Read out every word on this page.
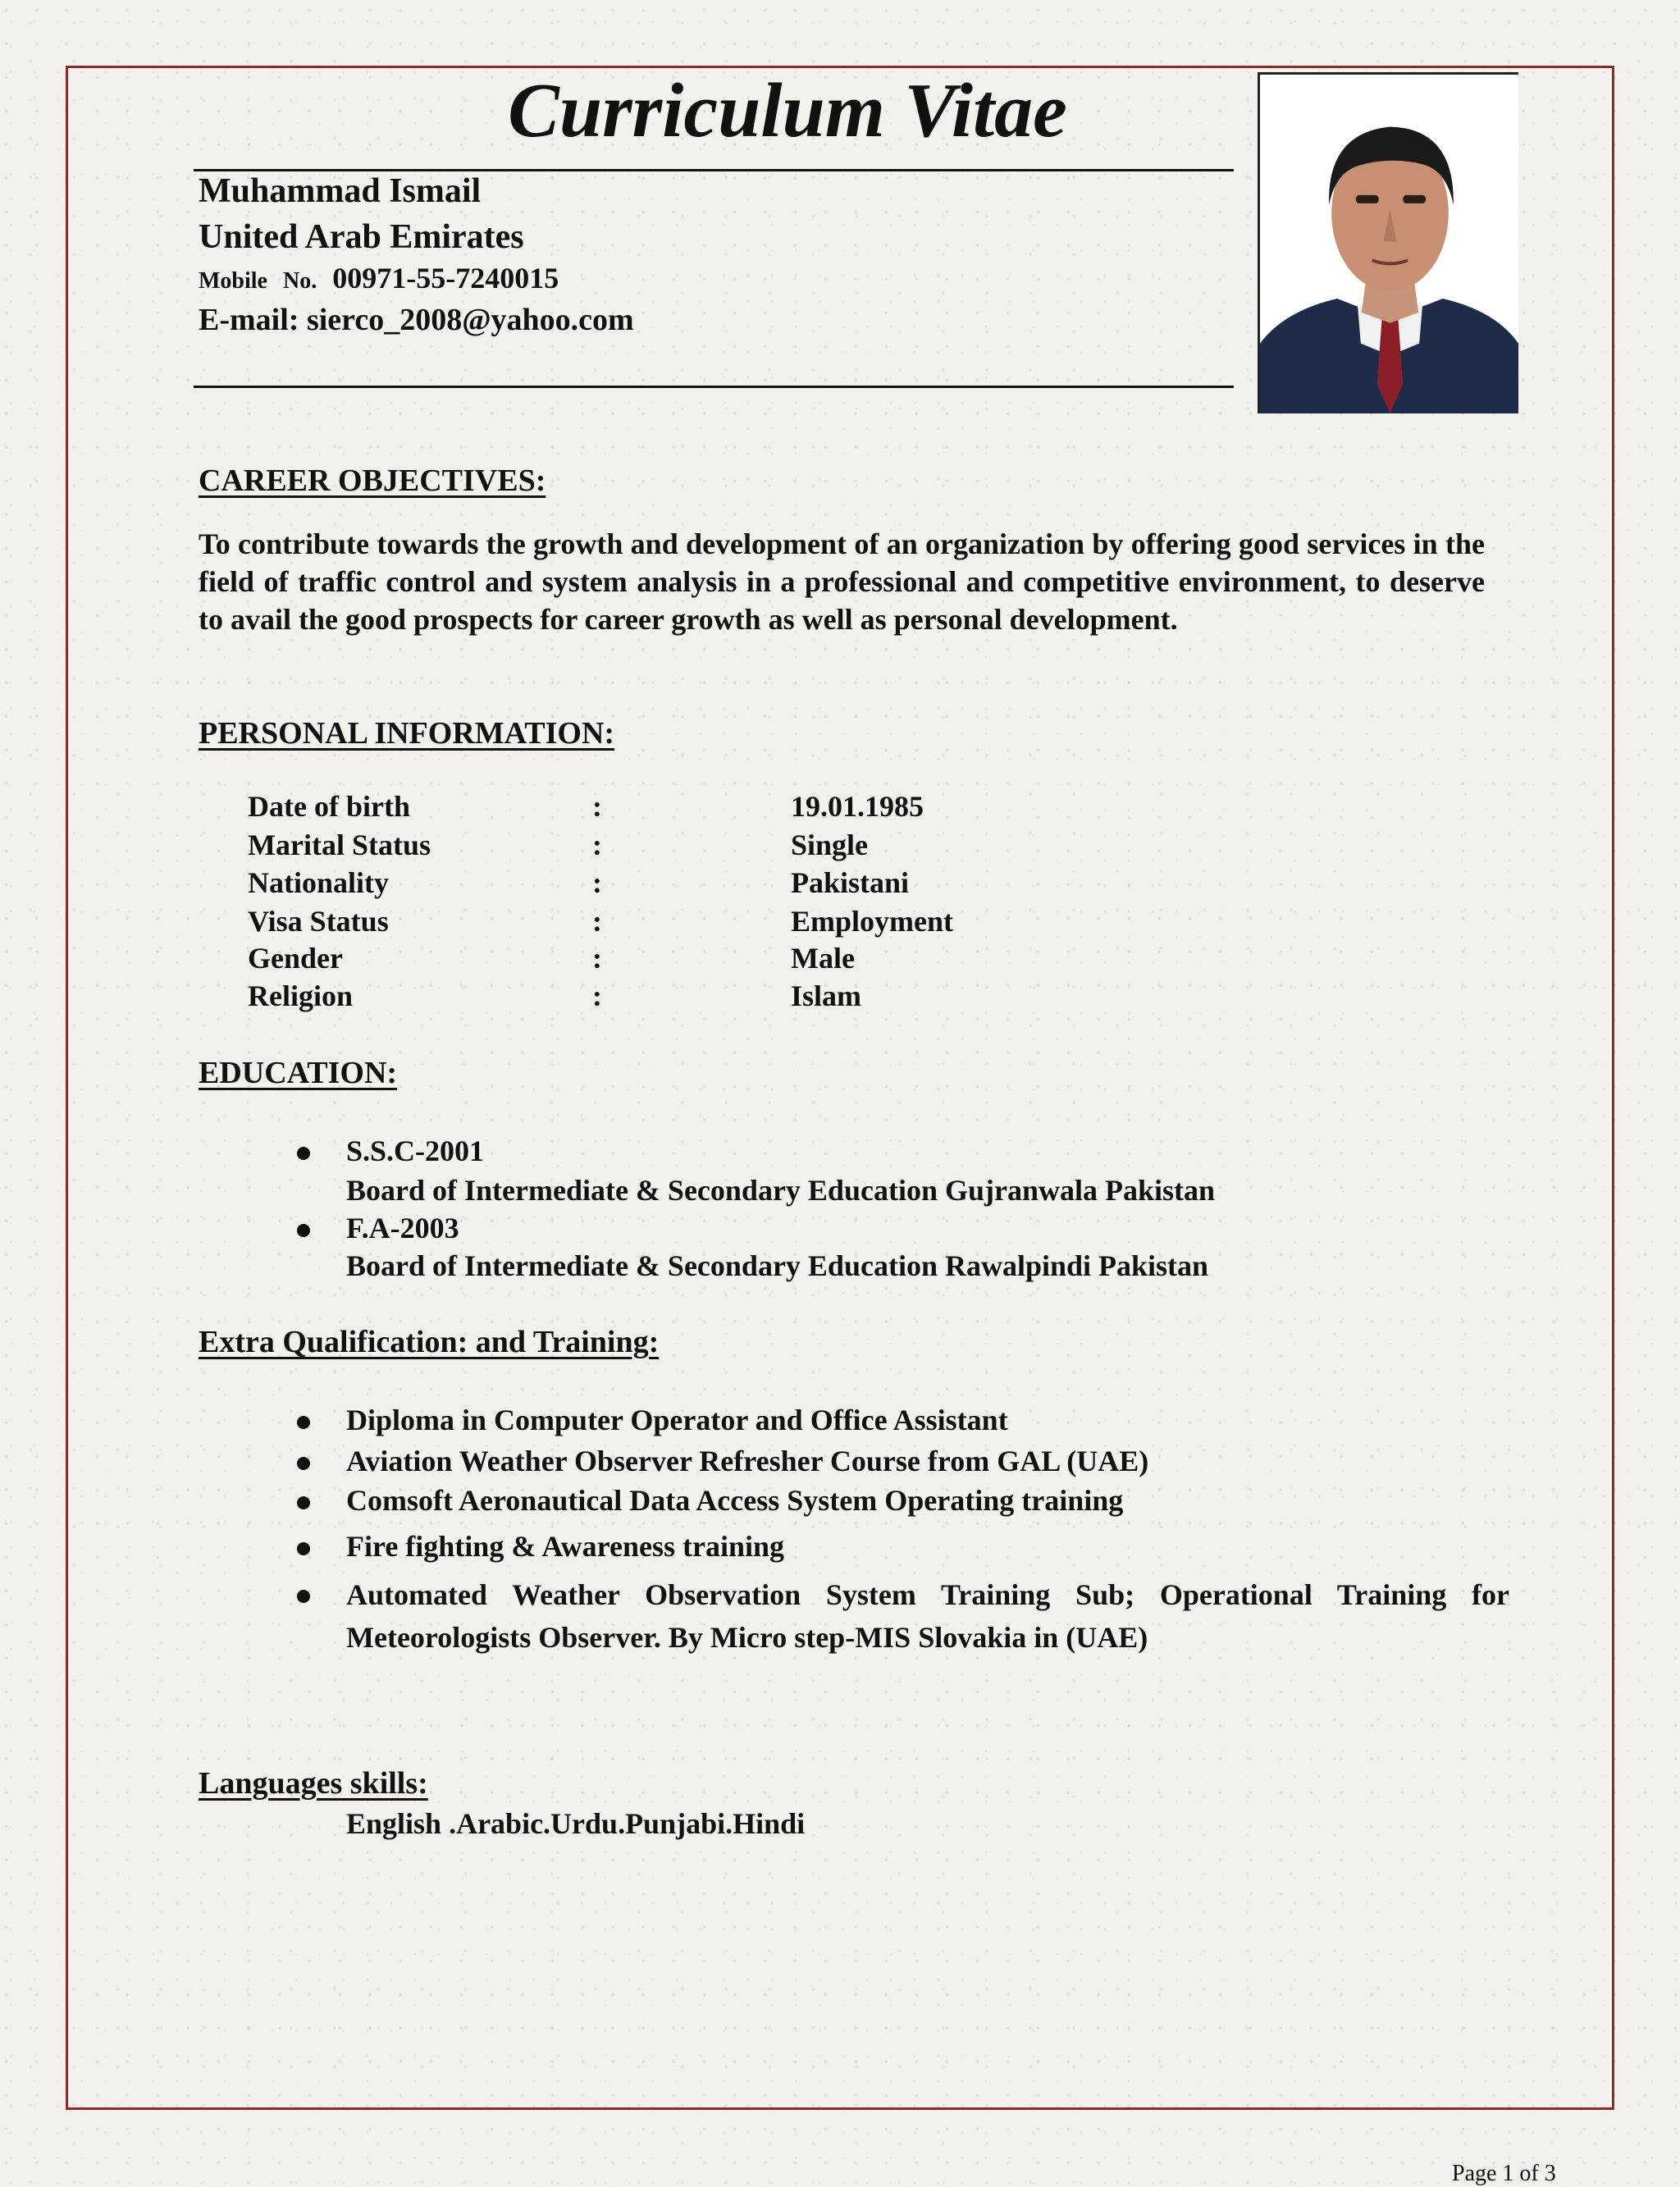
Curriculum Vitae
Muhammad Ismail
United Arab Emirates
Mobile No. 00971-55-7240015
E-mail: sierco_2008@yahoo.com
CAREER OBJECTIVES:
To contribute towards the growth and development of an organization by offering good services in the field of traffic control and system analysis in a professional and competitive environment, to deserve to avail the good prospects for career growth as well as personal development.
PERSONAL INFORMATION:
Date of birth	:	19.01.1985
Marital Status	:	Single
Nationality	:	Pakistani
Visa Status	:	Employment
Gender	:	Male
Religion	:	Islam
EDUCATION:
S.S.C-2001
Board of Intermediate & Secondary Education Gujranwala Pakistan
F.A-2003
Board of Intermediate & Secondary Education Rawalpindi Pakistan
Extra Qualification: and Training:
Diploma in Computer Operator and Office Assistant
Aviation Weather Observer Refresher Course from GAL (UAE)
Comsoft Aeronautical Data Access System Operating training
Fire fighting & Awareness training
Automated Weather Observation System Training Sub; Operational Training for Meteorologists Observer. By Micro step-MIS Slovakia in (UAE)
Languages skills:
English .Arabic.Urdu.Punjabi.Hindi
Page 1 of 3
